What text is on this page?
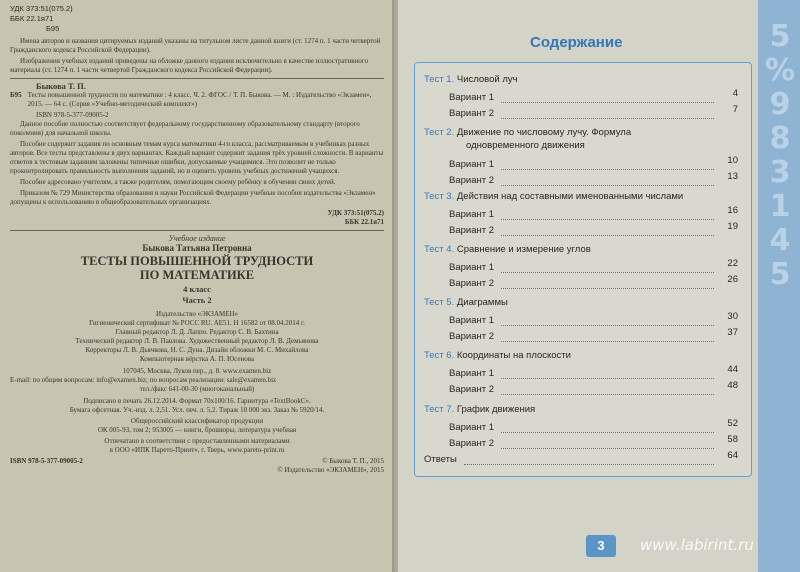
УДК 373:51(075.2)
ББК 22.1я71
Б95

Имена авторов и названия цитируемых изданий указаны на титульном листе данной книги (ст. 1274 п. 1 части четвертой Гражданского кодекса Российской Федерации).

Изображения учебных изданий приведены на обложке данного издания исключительно в качестве иллюстративного материала (ст. 1274 п. 1 части четвертой Гражданского кодекса Российской Федерации).

Быкова Т. П.
Б95 Тесты повышенной трудности по математике : 4 класс. Ч. 2. ФГОС / Т. П. Быкова. — М. : Издательство «Экзамен», 2015. — 64 с. (Серия «Учебно-методический комплект»)
ISBN 978-5-377-09005-2

Данное пособие полностью соответствует федеральному государственному образовательному стандарту (второго поколения) для начальной школы.

Пособие содержит задания по основным темам курса математики 4-го класса, рассматриваемым в учебниках разных авторов. Все тесты представлены в двух вариантах. Каждый вариант содержит задания трёх уровней сложности. В варианты ответов к тестовым заданиям заложены типичные ошибки, допускаемые учащимися. Это позволит не только проконтролировать правильность выполнения заданий, но и оценить уровень учебных достижений учащихся.

Пособие адресовано учителям, а также родителям, помогающим своему ребёнку в обучении своих детей.

Приказом № 729 Министерства образования и науки Российской Федерации учебные пособия издательства «Экзамен» допущены к использованию в общеобразовательных организациях.

УДК 373:51(075.2)
ББК 22.1я71
Учебное издание
Быкова Татьяна Петровна

ТЕСТЫ ПОВЫШЕННОЙ ТРУДНОСТИ

ПО МАТЕМАТИКЕ

4 класс
Часть 2
Издательство «ЭКЗАМЕН»
Гигиенический сертификат № РОСС RU. AE51. Н 16582 от 08.04.2014 г.
Главный редактор Л. Д. Лаппо. Редактор С. В. Бахтина
Технический редактор Л. В. Павлова. Художественный редактор Л. В. Демьянова
Корректоры Л. В. Дьячкова, Н. С. Дуна. Дизайн обложки М. С. Михайлова
Компьютерная вёрстка А. П. Юсенова
107045, Москва, Луков пер., д. 8. www.examen.biz
E-mail: по общим вопросам: info@examen.biz; по вопросам реализации: sale@examen.biz
тел./факс 641-00-30 (многоканальный)
Подписано в печать 26.12.2014. Формат 70х100/16. Гарнитура «TextBookC».
Бумага офсетная. Уч.-изд. л. 2,51. Усл. печ. л. 5,2. Тираж 10 000 экз. Заказ № 5920/14.
Общероссийский классификатор продукции
ОК 005-93, том 2; 953005 — книги, брошюры, литература учебная
Отпечатано в соответствии с предоставленными материалами
в ООО «ИПК Парето-Принт», г. Тверь, www.pareto-print.ru
ISBN 978-5-377-09005-2	© Быкова Т. П., 2015
© Издательство «ЭКЗАМЕН», 2015
5
%
9
8
3
1
4
5
Содержание
Тест 1. Числовой луч
Вариант 1	4
Вариант 2	7
Тест 2. Движение по числовому лучу. Формула
одновременного движения
Вариант 1	10
Вариант 2	13
Тест 3. Действия над составными именованными числами
Вариант 1	16
Вариант 2	19
Тест 4. Сравнение и измерение углов
Вариант 1	22
Вариант 2	26
Тест 5. Диаграммы
Вариант 1	30
Вариант 2	37
Тест 6. Координаты на плоскости
Вариант 1	44
Вариант 2	48
Тест 7. График движения
Вариант 1	52
Вариант 2	58
Ответы	64
3	www.labirint.ru
